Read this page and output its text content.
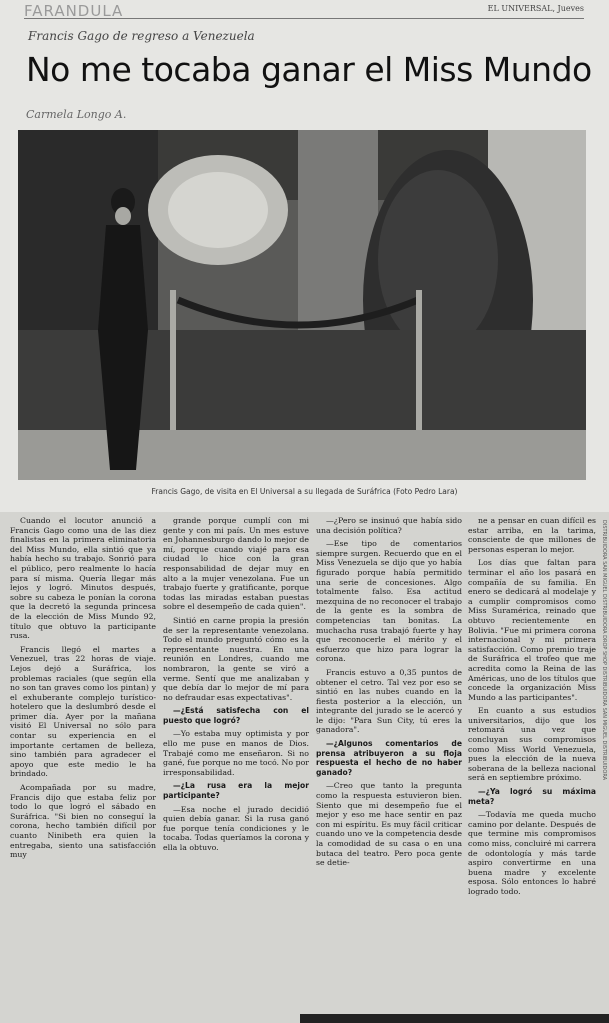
FARANDULA	EL UNIVERSAL, Jueves
Francis Gago de regreso a Venezuela
No me tocaba ganar el Miss Mundo
Carmela Longo A.
Francis Gago, de visita en El Universal a su llegada de Suráfrica (Foto Pedro Lara)

Cuando el locutor anunció a Francis Gago como una de las diez finalistas en la primera eliminatoria del Miss Mundo, ella sintió que ya había hecho su trabajo. Sonrió para el público, pero realmente lo hacía para sí misma. Quería llegar más lejos y logró. Minutos después, sobre su cabeza le ponían la corona que la decretó la segunda princesa de la elección de Miss Mundo 92, título que obtuvo la participante rusa.

Francis llegó el martes a Venezuel, tras 22 horas de viaje. Lejos dejó a Suráfrica, los problemas raciales (que según ella no son tan graves como los pintan) y el exhuberante complejo turístico-hotelero que la deslumbró desde el primer día. Ayer por la mañana visitó El Universal no sólo para contar su experiencia en el importante certamen de belleza, sino también para agradecer el apoyo que este medio le ha brindado.

Acompañada por su madre, Francis dijo que estaba feliz por todo lo que logró el sábado en Suráfrica. "Si bien no conseguí la corona, hecho también difícil por cuanto Ninibeth era quien la entregaba, siento una satisfacción muy

grande porque cumplí con mi gente y con mi país. Un mes estuve en Johannesburgo dando lo mejor de mí, porque cuando viajé para esa ciudad lo hice con la gran responsabilidad de dejar muy en alto a la mujer venezolana. Fue un trabajo fuerte y gratificante, porque todas las miradas estaban puestas sobre el desempeño de cada quien".

Sintió en carne propia la presión de ser la representante venezolana. Todo el mundo preguntó cómo es la representante nuestra. En una reunión en Londres, cuando me nombraron, la gente se viró a verme. Sentí que me analizaban y que debía dar lo mejor de mí para no defraudar esas expectativas".

—¿Está satisfecha con el puesto que logró?

—Yo estaba muy optimista y por ello me puse en manos de Dios. Trabajé como me enseñaron. Si no gané, fue porque no me tocó. No por irresponsabilidad.

—¿La rusa era la mejor participante?

—Esa noche el jurado decidió quien debía ganar. Si la rusa ganó fue porque tenía condiciones y le tocaba. Todas queríamos la corona y ella la obtuvo.

—¿Pero se insinuó que había sido una decisión política?

—Ese tipo de comentarios siempre surgen. Recuerdo que en el Miss Venezuela se dijo que yo había figurado porque había permitido una serie de concesiones. Algo totalmente falso. Esa actitud mezquina de no reconocer el trabajo de la gente es la sombra de competencias tan bonitas. La muchacha rusa trabajó fuerte y hay que reconocerle el mérito y el esfuerzo que hizo para lograr la corona.

Francis estuvo a 0,35 puntos de obtener el cetro. Tal vez por eso se sintió en las nubes cuando en la fiesta posterior a la elección, un integrante del jurado se le acercó y le dijo: "Para Sun City, tú eres la ganadora".

—¿Algunos comentarios de prensa atribuyeron a su floja respuesta el hecho de no haber ganado?

—Creo que tanto la pregunta como la respuesta estuvieron bien. Siento que mi desempeño fue el mejor y eso me hace sentir en paz con mi espíritu. Es muy fácil criticar cuando uno ve la competencia desde la comodidad de su casa o en una butaca del teatro. Pero poca gente se detie-

ne a pensar en cuan difícil es estar arriba, en la tarima, consciente de que millones de personas esperan lo mejor.

Los días que faltan para terminar el año los pasará en compañía de su familia. En enero se dedicará al modelaje y a cumplir compromisos como Miss Suramérica, reinado que obtuvo recientemente en Bolivia. "Fue mi primera corona internacional y mi primera satisfacción. Como premio traje de Suráfrica el trofeo que me acredita como la Reina de las Américas, uno de los títulos que concede la organización Miss Mundo a las participantes".

En cuanto a sus estudios universitarios, dijo que los retomará una vez que concluyan sus compromisos como Miss World Venezuela, pues la elección de la nueva soberana de la belleza nacional será en septiembre próximo.

—¿Ya logró su máxima meta?

—Todavía me queda mucho camino por delante. Después de que termine mis compromisos como miss, concluiré mi carrera de odontología y más tarde aspiro convertirme en una buena madre y excelente esposa. Sólo entonces lo habré logrado todo.

DISTRIBUIDORA SAN MIGUEL DISTRIBUIDORA DROP SHOP DISTRIBUIDORA SAN MIGUEL DISTRIBUIDORA
